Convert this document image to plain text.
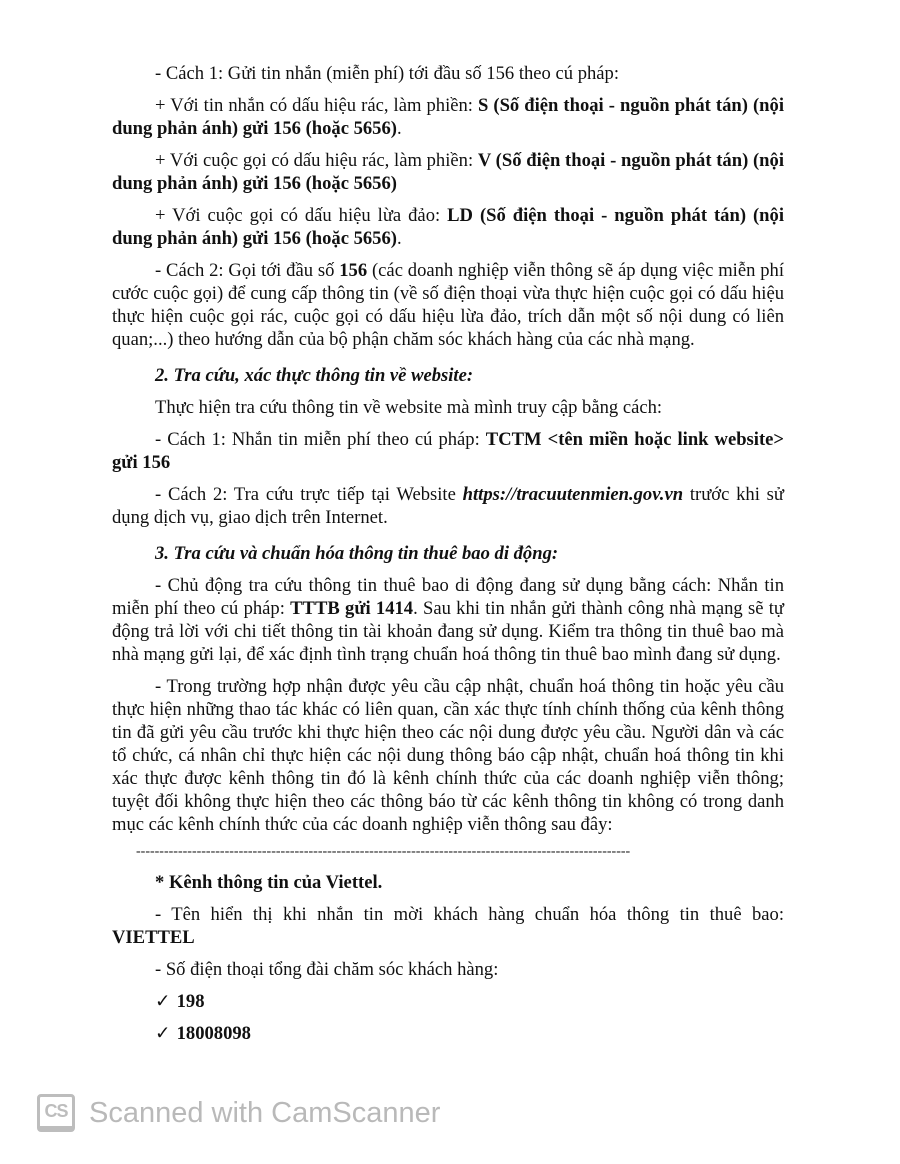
- Cách 1: Gửi tin nhắn (miễn phí) tới đầu số 156 theo cú pháp:

+ Với tin nhắn có dấu hiệu rác, làm phiền: S (Số điện thoại - nguồn phát tán) (nội dung phản ánh) gửi 156 (hoặc 5656).

+ Với cuộc gọi có dấu hiệu rác, làm phiền: V (Số điện thoại - nguồn phát tán) (nội dung phản ánh) gửi 156 (hoặc 5656)

+ Với cuộc gọi có dấu hiệu lừa đảo: LD (Số điện thoại - nguồn phát tán) (nội dung phản ánh) gửi 156 (hoặc 5656).

- Cách 2: Gọi tới đầu số 156 (các doanh nghiệp viễn thông sẽ áp dụng việc miễn phí cước cuộc gọi) để cung cấp thông tin (về số điện thoại vừa thực hiện cuộc gọi có dấu hiệu thực hiện cuộc gọi rác, cuộc gọi có dấu hiệu lừa đảo, trích dẫn một số nội dung có liên quan;...) theo hướng dẫn của bộ phận chăm sóc khách hàng của các nhà mạng.

2. Tra cứu, xác thực thông tin về website:

Thực hiện tra cứu thông tin về website mà mình truy cập bằng cách:

- Cách 1: Nhắn tin miễn phí theo cú pháp: TCTM <tên miền hoặc link website> gửi 156

- Cách 2: Tra cứu trực tiếp tại Website https://tracuutenmien.gov.vn trước khi sử dụng dịch vụ, giao dịch trên Internet.

3. Tra cứu và chuẩn hóa thông tin thuê bao di động:

- Chủ động tra cứu thông tin thuê bao di động đang sử dụng bằng cách: Nhắn tin miễn phí theo cú pháp: TTTB gửi 1414. Sau khi tin nhắn gửi thành công nhà mạng sẽ tự động trả lời với chi tiết thông tin tài khoản đang sử dụng. Kiểm tra thông tin thuê bao mà nhà mạng gửi lại, để xác định tình trạng chuẩn hoá thông tin thuê bao mình đang sử dụng.

- Trong trường hợp nhận được yêu cầu cập nhật, chuẩn hoá thông tin hoặc yêu cầu thực hiện những thao tác khác có liên quan, cần xác thực tính chính thống của kênh thông tin đã gửi yêu cầu trước khi thực hiện theo các nội dung được yêu cầu. Người dân và các tổ chức, cá nhân chỉ thực hiện các nội dung thông báo cập nhật, chuẩn hoá thông tin khi xác thực được kênh thông tin đó là kênh chính thức của các doanh nghiệp viễn thông; tuyệt đối không thực hiện theo các thông báo từ các kênh thông tin không có trong danh mục các kênh chính thức của các doanh nghiệp viễn thông sau đây:

----------------------------------------------------------------------------------------------------------

* Kênh thông tin của Viettel.

- Tên hiển thị khi nhắn tin mời khách hàng chuẩn hóa thông tin thuê bao: VIETTEL

- Số điện thoại tổng đài chăm sóc khách hàng:

✓ 198
✓ 18008098
CS Scanned with CamScanner
